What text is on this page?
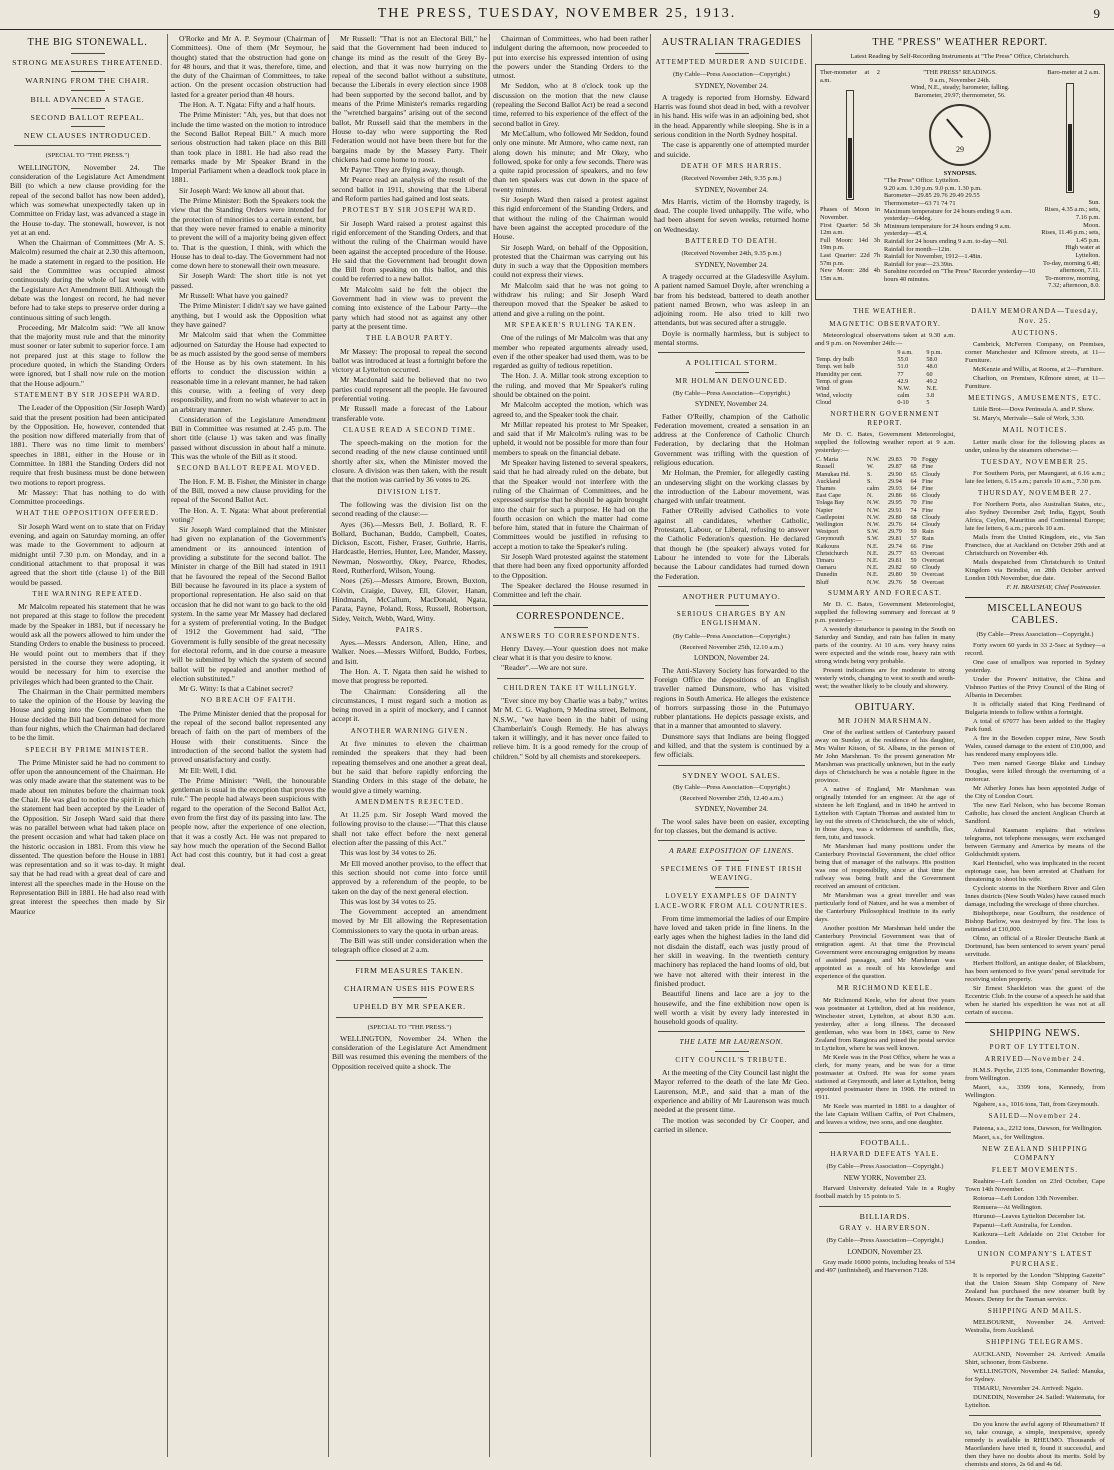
THE PRESS, TUESDAY, NOVEMBER 25, 1913.	9
THE BIG STONEWALL.
STRONG MEASURES THREATENED.
WARNING FROM THE CHAIR.
BILL ADVANCED A STAGE.
SECOND BALLOT REPEAL.
NEW CLAUSES INTRODUCED.
(SPECIAL TO "THE PRESS.")

WELLINGTON, November 24. The consideration of the Legislature Act Amendment Bill (to which a new clause providing for the repeal of the second ballot has now been added), which was somewhat unexpectedly taken up in Committee on Friday last, was advanced a stage in the House to-day. The stonewall, however, is not yet at an end.

When the Chairman of Committees (Mr A. S. Malcolm) resumed the chair at 2.30 this afternoon, he made a statement in regard to the position. He said the Committee was occupied almost continuously during the whole of last week with the Legislature Act Amendment Bill. Although the debate was the longest on record, he had never before had to take steps to preserve order during a continuous sitting of such length.

Proceeding, Mr Malcolm said: "We all know that the majority must rule and that the minority must sooner or later submit to superior force. I am not prepared just at this stage to follow the procedure quoted, in which the Standing Orders were ignored, but I shall now rule on the motion that the House adjourn."

STATEMENT BY SIR JOSEPH WARD.

The Leader of the Opposition (Sir Joseph Ward) said that the present position had been anticipated by the Opposition. He, however, contended that the position now differed materially from that of 1881. There was no time limit to members' speeches in 1881, either in the House or in Committee. In 1881 the Standing Orders did not require that fresh business must be done between two motions to report progress.

Mr Massey: That has nothing to do with Committee proceedings.

WHAT THE OPPOSITION OFFERED.

Sir Joseph Ward went on to state that on Friday evening, and again on Saturday morning, an offer was made to the Government to adjourn at midnight until 7.30 p.m. on Monday, and in a conditional attachment to that proposal it was agreed that the short title (clause 1) of the Bill would be passed.

THE WARNING REPEATED.

Mr Malcolm repeated his statement that he was not prepared at this stage to follow the precedent made by the Speaker in 1881, but if necessary he would ask all the powers allowed to him under the Standing Orders to enable the business to proceed. He would point out to members that if they persisted in the course they were adopting, it would be necessary for him to exercise the privileges which had been granted to the Chair.

The Chairman in the Chair permitted members to take the opinion of the House by leaving the House and going into the Committee when the House decided the Bill had been debated for more than four nights, which the Chairman had declared to be the limit.

SPEECH BY PRIME MINISTER.

The Prime Minister said he had no comment to offer upon the announcement of the Chairman. He was only made aware that the statement was to be made about ten minutes before the chairman took the Chair. He was glad to notice the spirit in which the statement had been accepted by the Leader of the Opposition. Sir Joseph Ward said that there was no parallel between what had taken place on the present occasion and what had taken place on the historic occasion in 1881. From this view he dissented. The question before the House in 1881 was representation and so it was to-day. It might say that he had read with a great deal of care and interest all the speeches made in the House on the Representation Bill in 1881. He had also read with great interest the speeches then made by Sir Maurice

O'Rorke and Mr A. P. Seymour (Chairman of Committees). One of them (Mr Seymour, he thought) stated that the obstruction had gone on for 48 hours, and that it was, therefore, time, and the duty of the Chairman of Committees, to take action. On the present occasion obstruction had lasted for a greater period than 48 hours.

The Hon. A. T. Ngata: Fifty and a half hours.

The Prime Minister: "Ah, yes, but that does not include the time wasted on the motion to introduce the Second Ballot Repeal Bill." A much more serious obstruction had taken place on this Bill than took place in 1881. He had also read the remarks made by Mr Speaker Brand in the Imperial Parliament when a deadlock took place in 1881.

Sir Joseph Ward: We know all about that.

The Prime Minister: Both the Speakers took the view that the Standing Orders were intended for the protection of minorities to a certain extent, but that they were never framed to enable a minority to prevent the will of a majority being given effect to. That is the question, I think, with which the House has to deal to-day. The Government had not come down here to stonewall their own measure.

Sir Joseph Ward: The short title is not yet passed.

Mr Russell: What have you gained?

The Prime Minister: I didn't say we have gained anything, but I would ask the Opposition what they have gained?

Mr Malcolm said that when the Committee adjourned on Saturday the House had expected to be as much assisted by the good sense of members of the House as by his own statement. In his efforts to conduct the discussion within a reasonable time in a relevant manner, he had taken this course, with a feeling of very deep responsibility, and from no wish whatever to act in an arbitrary manner.

Consideration of the Legislature Amendment Bill in Committee was resumed at 2.45 p.m. The short title (clause 1) was taken and was finally passed without discussion in about half a minute. This was the whole of the Bill as it stood.

SECOND BALLOT REPEAL MOVED.

The Hon. F. M. B. Fisher, the Minister in charge of the Bill, moved a new clause providing for the repeal of the Second Ballot Act.

The Hon. A. T. Ngata: What about preferential voting?

Sir Joseph Ward complained that the Minister had given no explanation of the Government's amendment or its announced intention of providing a substitute for the second ballot. The Minister in charge of the Bill had stated in 1911 that he favoured the repeal of the Second Ballot Bill because he favoured in its place a system of proportional representation. He also said on that occasion that he did not want to go back to the old system. In the same year Mr Massey had declared for a system of preferential voting. In the Budget of 1912 the Government had said, "The Government is fully sensible of the great necessity for electoral reform, and in due course a measure will be submitted by which the system of second ballot will be repealed and another method of election substituted."

Mr G. Witty: Is that a Cabinet secret?

NO BREACH OF FAITH.

The Prime Minister denied that the proposal for the repeal of the second ballot represented any breach of faith on the part of members of the House with their constituents. Since the introduction of the second ballot the system had proved unsatisfactory and costly.

Mr Ell: Well, I did.

The Prime Minister: "Well, the honourable gentleman is usual in the exception that proves the rule." The people had always been suspicious with regard to the operation of the Second Ballot Act, even from the first day of its passing into law. The people now, after the experience of one election, that it was a costly Act. He was not prepared to say how much the operation of the Second Ballot Act had cost this country, but it had cost a great deal.

Mr Russell: "That is not an Electoral Bill," he said that the Government had been induced to change its mind as the result of the Grey By-election, and that it was now hurrying on the repeal of the second ballot without a substitute, because the Liberals in every election since 1908 had been supported by the second ballot, and by means of the Prime Minister's remarks regarding the "wretched bargains" arising out of the second ballot, Mr Russell said that the members in the House to-day who were supporting the Red Federation would not have been there but for the bargains made by the Massey Party. Their chickens had come home to roost.

Mr Payne: They are flying away, though.

Mr Pearce read an analysis of the result of the second ballot in 1911, showing that the Liberal and Reform parties had gained and lost seats.

PROTEST BY SIR JOSEPH WARD.

Sir Joseph Ward raised a protest against this rigid enforcement of the Standing Orders, and that without the ruling of the Chairman would have been against the accepted procedure of the House. He said that the Government had brought down the Bill from speaking on this ballot, and this could be referred to a new ballot.

Mr Malcolm said he felt the object the Government had in view was to prevent the coming into existence of the Labour Party—the party which had stood not as against any other party at the present time.

THE LABOUR PARTY.

Mr Massey: The proposal to repeal the second ballot was introduced at least a fortnight before the victory at Lyttelton occurred.

Mr Macdonald said he believed that no two parties could represent all the people. He favoured preferential voting.

Mr Russell made a forecast of the Labour transferable vote.

CLAUSE READ A SECOND TIME.

The speech-making on the motion for the second reading of the new clause continued until shortly after six, when the Minister moved the closure. A division was then taken, with the result that the motion was carried by 36 votes to 26.

DIVISION LIST.

The following was the division list on the second reading of the clause:—

Ayes (36).—Messrs Bell, J. Bollard, R. F. Bollard, Buchanan, Buddo, Campbell, Coates, Dickson, Escott, Fisher, Fraser, Guthrie, Harris, Hardcastle, Herries, Hunter, Lee, Mander, Massey, Newman, Nosworthy, Okey, Pearce, Rhodes, Reed, Rutherford, Wilson, Young.

Noes (26).—Messrs Atmore, Brown, Buxton, Colvin, Craigie, Davey, Ell, Glover, Hanan, Hindmarsh, McCallum, MacDonald, Ngata, Parata, Payne, Poland, Ross, Russell, Robertson, Sidey, Veitch, Webb, Ward, Witty.

PAIRS.

Ayes.—Messrs Anderson, Allen, Hine, and Walker. Noes.—Messrs Wilford, Buddo, Forbes, and Isitt.

The Hon. A. T. Ngata then said he wished to move that progress be reported.

The Chairman: Considering all the circumstances, I must regard such a motion as being moved in a spirit of mockery, and I cannot accept it.

ANOTHER WARNING GIVEN.

At five minutes to eleven the chairman reminded the speakers that they had been repeating themselves and one another a great deal, but he said that before rapidly enforcing the Standing Orders in this stage of the debate, he would give a timely warning.

AMENDMENTS REJECTED.

At 11.25 p.m. Sir Joseph Ward moved the following proviso to the clause:—"That this clause shall not take effect before the next general election after the passing of this Act."

This was lost by 34 votes to 26.

Mr Ell moved another proviso, to the effect that this section should not come into force until approved by a referendum of the people, to be taken on the day of the next general election.

This was lost by 34 votes to 25.

The Government accepted an amendment moved by Mr Ell allowing the Representation Commissioners to vary the quota in urban areas.

The Bill was still under consideration when the telegraph office closed at 2 a.m.

FIRM MEASURES TAKEN.
CHAIRMAN USES HIS POWERS
UPHELD BY MR SPEAKER.
(SPECIAL TO "THE PRESS.")

WELLINGTON, November 24. When the consideration of the Legislature Act Amendment Bill was resumed this evening the members of the Opposition received quite a shock. The

Chairman of Committees, who had been rather indulgent during the afternoon, now proceeded to put into exercise his expressed intention of using the powers under the Standing Orders to the utmost.

Mr Seddon, who at 8 o'clock took up the discussion on the motion that the new clause (repealing the Second Ballot Act) be read a second time, referred to his experience of the effect of the second ballot in Grey.

Mr McCallum, who followed Mr Seddon, found only one minute. Mr Atmore, who came next, ran along down his minute; and Mr Okey, who followed, spoke for only a few seconds. There was a quite rapid procession of speakers, and no few than ten speakers was cut down in the space of twenty minutes.

Sir Joseph Ward then raised a protest against this rigid enforcement of the Standing Orders, and that without the ruling of the Chairman would have been against the accepted procedure of the House.

Sir Joseph Ward, on behalf of the Opposition, protested that the Chairman was carrying out his duty in such a way that the Opposition members could not express their views.

Mr Malcolm said that he was not going to withdraw his ruling; and Sir Joseph Ward thereupon moved that the Speaker be asked to attend and give a ruling on the point.

MR SPEAKER'S RULING TAKEN.

One of the rulings of Mr Malcolm was that any member who repeated arguments already used, even if the other speaker had used them, was to be regarded as guilty of tedious repetition.

The Hon. J. A. Millar took strong exception to the ruling, and moved that Mr Speaker's ruling should be obtained on the point.

Mr Malcolm accepted the motion, which was agreed to, and the Speaker took the chair.

Mr Millar repeated his protest to Mr Speaker, and said that if Mr Malcolm's ruling was to be upheld, it would not be possible for more than four members to speak on the financial debate.

Mr Speaker having listened to several speakers, said that he had already ruled on the debate, but that the Speaker would not interfere with the ruling of the Chairman of Committees, and he expressed surprise that he should be again brought into the chair for such a purpose. He had on the fourth occasion on which the matter had come before him, stated that in future the Chairman of Committees would be justified in refusing to accept a motion to take the Speaker's ruling.

Sir Joseph Ward protested against the statement that there had been any fixed opportunity afforded to the Opposition.

The Speaker declared the House resumed in Committee and left the chair.

CORRESPONDENCE.
ANSWERS TO CORRESPONDENTS.

Henry Davey.—Your question does not make clear what it is that you desire to know.

"Reader".—We are not sure.

CHILDREN TAKE IT WILLINGLY.

"Ever since my boy Charlie was a baby," writes Mr M. C. G. Waghorn, 9 Medina street, Belmont, N.S.W., "we have been in the habit of using Chamberlain's Cough Remedy. He has always taken it willingly, and it has never once failed to relieve him. It is a good remedy for the croup of children." Sold by all chemists and storekeepers.

AUSTRALIAN TRAGEDIES
ATTEMPTED MURDER AND SUICIDE.
(By Cable—Press Association—Copyright.)
SYDNEY, November 24.

A tragedy is reported from Hornsby. Edward Harris was found shot dead in bed, with a revolver in his hand. His wife was in an adjoining bed, shot in the head. Apparently while sleeping. She is in a serious condition in the North Sydney hospital.

The case is apparently one of attempted murder and suicide.

DEATH OF MRS HARRIS.
(Received November 24th, 9.35 p.m.)
SYDNEY, November 24.

Mrs Harris, victim of the Hornsby tragedy, is dead. The couple lived unhappily. The wife, who had been absent for seven weeks, returned home on Wednesday.

BATTERED TO DEATH.
(Received November 24th, 9.35 p.m.)
SYDNEY, November 24.

A tragedy occurred at the Gladesville Asylum. A patient named Samuel Doyle, after wrenching a bar from his bedstead, battered to death another patient named Brown, who was asleep in an adjoining room. He also tried to kill two attendants, but was secured after a struggle.

Doyle is normally harmless, but is subject to mental storms.

A POLITICAL STORM.
MR HOLMAN DENOUNCED.
(By Cable—Press Association—Copyright.)
SYDNEY, November 24.

Father O'Reilly, champion of the Catholic Federation movement, created a sensation in an address at the Conference of Catholic Church Federation, by declaring that the Holman Government was trifling with the question of religious education.

Mr Holman, the Premier, for allegedly casting an undeserving slight on the working classes by the introduction of the Labour movement, was charged with unfair treatment.

Father O'Reilly advised Catholics to vote against all candidates, whether Catholic, Protestant, Labour, or Liberal, refusing to answer the Catholic Federation's question. He declared that though he (the speaker) always voted for Labour he intended to vote for the Liberals because the Labour candidates had turned down the Federation.

ANOTHER PUTUMAYO.
SERIOUS CHARGES BY AN ENGLISHMAN.
(By Cable—Press Association—Copyright.)
(Received November 25th, 12.10 a.m.)
LONDON, November 24.

The Anti-Slavery Society has forwarded to the Foreign Office the depositions of an English traveller named Dunsmore, who has visited regions in South America. He alleges the existence of horrors surpassing those in the Putumayo rubber plantations. He depicts passage exists, and that in a manner that amounted to slavery.

Dunsmore says that Indians are being flogged and killed, and that the system is continued by a few officials.

SYDNEY WOOL SALES.
(By Cable—Press Association—Copyright.)
(Received November 25th, 12.40 a.m.)
SYDNEY, November 24.

The wool sales have been on easier, excepting for top classes, but the demand is active.

A RARE EXPOSITION OF LINENS.
SPECIMENS OF THE FINEST IRISH WEAVING.
LOVELY EXAMPLES OF DAINTY LACE-WORK FROM ALL COUNTRIES.

From time immemorial the ladies of our Empire have loved and taken pride in fine linens. In the early ages when the highest ladies in the land did not disdain the distaff, each was justly proud of her skill in weaving. In the twentieth century machinery has replaced the hand looms of old, but we have not altered with their interest in the finished product.

Beautiful linens and lace are a joy to the housewife, and the fine exhibition now open is well worth a visit by every lady interested in household goods of quality.

THE LATE MR LAURENSON.
CITY COUNCIL'S TRIBUTE.

At the meeting of the City Council last night the Mayor referred to the death of the late Mr Geo. Laurenson, M.P., and said that a man of the experience and ability of Mr Laurenson was much needed at the present time.

The motion was seconded by Cr Cooper, and carried in silence.

THE "PRESS" WEATHER REPORT.
Latest Reading by Self-Recording Instruments at "The Press" Office, Christchurch.
Ther-mometer at 2 a.m.
Phases of Moon in November.
First Quarter: 5d 3h 12m a.m.
Full Moon: 14d 3h 19m p.m.
Last Quarter: 22d 7h 57m p.m.
New Moon: 28d 4h 15m a.m.
"THE PRESS" READINGS.
9 a.m., November 24th.
Wind, N.E., steady; barometer, falling.
Barometer, 29.97; thermometer, 56.
29
SYNOPSIS.
"The Press" Office: Lyttelton.
9.20 a.m. 1.30 p.m. 9.0 p.m. 1.30 p.m.
Barometer—29.85 29.76 29.49 29.55
Thermometer—63 71 74 71
Maximum temperature for 24 hours ending 9 a.m. yesterday—64deg.
Minimum temperature for 24 hours ending 9 a.m. yesterday—45.4.
Rainfall for 24 hours ending 9 a.m. to-day—Nil.
Rainfall for month—12in.
Rainfall for November, 1912—1.48in.
Rainfall for year—23.39in.
Sunshine recorded on "The Press" Recorder yesterday—10 hours 40 minutes.
Baro-meter at 2 a.m.
Sun.
Rises, 4.35 a.m.; sets, 7.16 p.m.
Moon.
Rises, 11.46 p.m.; sets, 1.45 p.m.
High water at Lyttelton.
To-day, morning 6.48; afternoon, 7.11.
To-morrow, morning, 7.32; afternoon, 8.0.
THE WEATHER.
MAGNETIC OBSERVATORY.

Meteorological observations taken at 9.30 a.m. and 9 p.m. on November 24th:—

	9 a.m.	9 p.m.
Temp. dry bulb	55.0	58.0
Temp. wet bulb	51.0	48.0
Humidity per cent.	77	60
Temp. of grass	42.9	49.2
Wind	N.W.	N.E.
Wind, velocity	calm	3.8
Cloud	0-10	5
NORTHERN GOVERNMENT REPORT.

Mr D. C. Bates, Government Meteorologist, supplied the following weather report at 9 a.m. yesterday:—

C. Maria	N.W.	29.83	70	Foggy
Russell	W.	29.87	68	Fine
Manukau Hd.	S.	29.90	65	Cloudy
Auckland	S.	29.94	64	Fine
Thames	calm	29.93	64	Fine
East Cape	N.	29.86	66	Cloudy
Tolaga Bay	N.W.	29.95	70	Fine
Napier	N.W.	29.91	74	Fine
Castlepoint	N.W.	29.80	68	Cloudy
Wellington	N.W.	29.76	64	Cloudy
Westport	S.W.	29.79	59	Rain
Greymouth	S.W.	29.81	57	Rain
Kaikoura	N.E.	29.74	66	Fine
Christchurch	N.E.	29.77	63	Overcast
Timaru	N.E.	29.81	59	Overcast
Oamaru	N.E.	29.82	60	Cloudy
Dunedin	N.E.	29.80	59	Overcast
Bluff	N.W.	29.76	58	Overcast
SUMMARY AND FORECAST.

Mr D. C. Bates, Government Meteorologist, supplied the following summary and forecast at 9 p.m. yesterday:—

A westerly disturbance is passing in the South on Saturday and Sunday, and rain has fallen in many parts of the country. At 10 a.m. very heavy rains were expected and the winds rose, heavy rain with strong winds being very probable.

Present indications are for moderate to strong westerly winds, changing to west to south and south-west; the weather likely to be cloudy and showery.

OBITUARY.
MR JOHN MARSHMAN.

One of the earliest settlers of Canterbury passed away on Sunday, at the residence of his daughter, Mrs Walter Kitson, of St. Albans, in the person of Mr John Marshman. To the present generation Mr Marshman was practically unknown, but in the early days of Christchurch he was a notable figure in the province.

A native of England, Mr Marshman was originally intended for an engineer. At the age of sixteen he left England, and in 1840 he arrived in Lyttelton with Captain Thomas and assisted him to lay out the streets of Christchurch, the site of which, in those days, was a wilderness of sandhills, flax, fern, tutu, and tussock.

Mr Marshman had many positions under the Canterbury Provincial Government, the chief office being that of manager of the railways. His position was one of responsibility, since at that time the railway was being built and the Government received an amount of criticism.

Mr Marshman was a great traveller and was particularly fond of Nature, and he was a member of the Canterbury Philosophical Institute in its early days.

Another position Mr Marshman held under the Canterbury Provincial Government was that of emigration agent. At that time the Provincial Government were encouraging emigration by means of assisted passages, and Mr Marshman was appointed as a result of his knowledge and experience of the question.

MR RICHMOND KEELE.

Mr Richmond Keele, who for about five years was postmaster at Lyttelton, died at his residence, Winchester street, Lyttelton, at about 8.30 a.m. yesterday, after a long illness. The deceased gentleman, who was born in 1843, came to New Zealand from Rangiora and joined the postal service in Lyttelton, where he was well known.

Mr Keele was in the Post Office, where he was a clerk, for many years, and he was for a time postmaster at Oxford. He was for some years stationed at Greymouth, and later at Lyttelton, being appointed postmaster there in 1908. He retired in 1911.

Mr Keele was married in 1881 to a daughter of the late Captain William Caffin, of Port Chalmers, and leaves a widow, two sons, and one daughter.

FOOTBALL.
HARVARD DEFEATS YALE.
(By Cable—Press Association—Copyright.)
NEW YORK, November 23.

Harvard University defeated Yale in a Rugby football match by 15 points to 5.

BILLIARDS.
GRAY v. HARVERSON.
(By Cable—Press Association—Copyright.)
LONDON, November 23.

Gray made 16000 points, including breaks of 534 and 497 (unfinished), and Harverson 7128.

DAILY MEMORANDA—Tuesday, Nov. 25.
AUCTIONS.

Cambrick, McFerren Company, on Premises, corner Manchester and Kilmore streets, at 11—Furniture.

McKenzie and Willis, at Rooms, at 2—Furniture.

Charlton, on Premises, Kilmore street, at 11—Furniture.

MEETINGS, AMUSEMENTS, ETC.

Little Brot-—Dova Peninsula A. and P. Show.

St. Mary's, Merivale—Sale of Work, 3.30.

MAIL NOTICES.

Letter mails close for the following places as under, unless by the steamers otherwise:—

TUESDAY, NOVEMBER 25.

For Southern Ports, per Maungarei, at 6.16 a.m.; late fee letters, 6.15 a.m.; parcels 10 a.m., 7.30 p.m.

THURSDAY, NOVEMBER 27.

For Northern Ports, also Australian States, etc., also Sydney December 2nd; India, Egypt, South Africa, Ceylon, Mauritius and Continental Europe; late fee letters, 6 a.m.; parcels 10 a.m.

Mails from the United Kingdom, etc., via San Francisco, due at Auckland on October 29th and at Christchurch on November 4th.

Mails despatched from Christchurch to United Kingdom via Brindisi, on 28th October arrived London 10th November, due date.

F. H. BRAYSHAY, Chief Postmaster.

MISCELLANEOUS CABLES.
(By Cable—Press Association—Copyright.)

Forty sworn 60 yards in 33 2-5sec at Sydney—a record.

One case of smallpox was reported in Sydney yesterday.

Under the Powers' initiative, the China and Vishnoo Parties of the Privy Council of the Ring of Albania in December.

It is officially stated that King Ferdinand of Bulgaria intends to follow within a fortnight.

A total of 67077 has been added to the Hagley Park fund.

A fire in the Bowden copper mine, New South Wales, caused damage to the extent of £10,000, and has rendered many employees idle.

Two men named George Blake and Lindsay Douglas, were killed through the overturning of a motorcar.

Mr Atherley Jones has been appointed Judge of the City of London Court.

The new Earl Nelson, who has become Roman Catholic, has closed the ancient Anglican Church at Sandford.

Admiral Kasmann explains that wireless telegrams, not telephone messages, were exchanged between Germany and America by means of the Goldschmidt system.

Karl Hentschel, who was implicated in the recent espionage case, has been arrested at Chatham for threatening to shoot his wife.

Cyclonic storms in the Northern River and Glen Innes districts (New South Wales) have caused much damage, including the wreckage of three churches.

Bishopthorpe, near Goulburn, the residence of Bishop Barlow, was destroyed by fire. The loss is estimated at £10,000.

Olmo, an official of a Riosler Deutsche Bank at Dortmund, has been sentenced to seven years' penal servitude.

Herbert Holford, an antique dealer, of Blackburn, has been sentenced to five years' penal servitude for receiving stolen property.

Sir Ernest Shackleton was the guest of the Eccentric Club. In the course of a speech he said that when he started his expedition he was not at all certain of success.

SHIPPING NEWS.
PORT OF LYTTELTON.
ARRIVED—November 24.

H.M.S. Psyche, 2135 tons, Commander Bowring, from Wellington.

Maori, s.s., 3399 tons, Kennedy, from Wellington.

Ngahere, s.s., 1016 tons, Tait, from Greymouth.

SAILED—November 24.

Pateena, s.s., 2212 tons, Dawson, for Wellington.

Maori, s.s., for Wellington.

NEW ZEALAND SHIPPING COMPANY
FLEET MOVEMENTS.

Ruahine—Left London on 23rd October, Cape Town 14th November.

Rotorua—Left London 13th November.

Remuera—At Wellington.

Hurunui—Leaves Lyttelton December 1st.

Papanui—Left Australia, for London.

Kaikoura—Left Adelaide on 21st October for London.

UNION COMPANY'S LATEST PURCHASE.

It is reported by the London "Shipping Gazette" that the Union Steam Ship Company of New Zealand has purchased the new steamer built by Messrs. Denny for the Tasman service.

SHIPPING AND MAILS.

MELBOURNE, November 24. Arrived: Westralia, from Auckland.

SHIPPING TELEGRAMS.

AUCKLAND, November 24. Arrived: Amaila Shirt, schooner, from Gisborne.

WELLINGTON, November 24. Sailed: Manuka, for Sydney.

TIMARU, November 24. Arrived: Ngaio.

DUNEDIN, November 24. Sailed: Waitemata, for Lyttelton.

Do you know the awful agony of Rheumatism? If so, take courage, a simple, inexpensive, speedy remedy is available in RHEUMO. Thousands of Maorilanders have tried it, found it successful, and then they have no doubts about its merits. Sold by chemists and stores, 2s 6d and 4s 6d.
